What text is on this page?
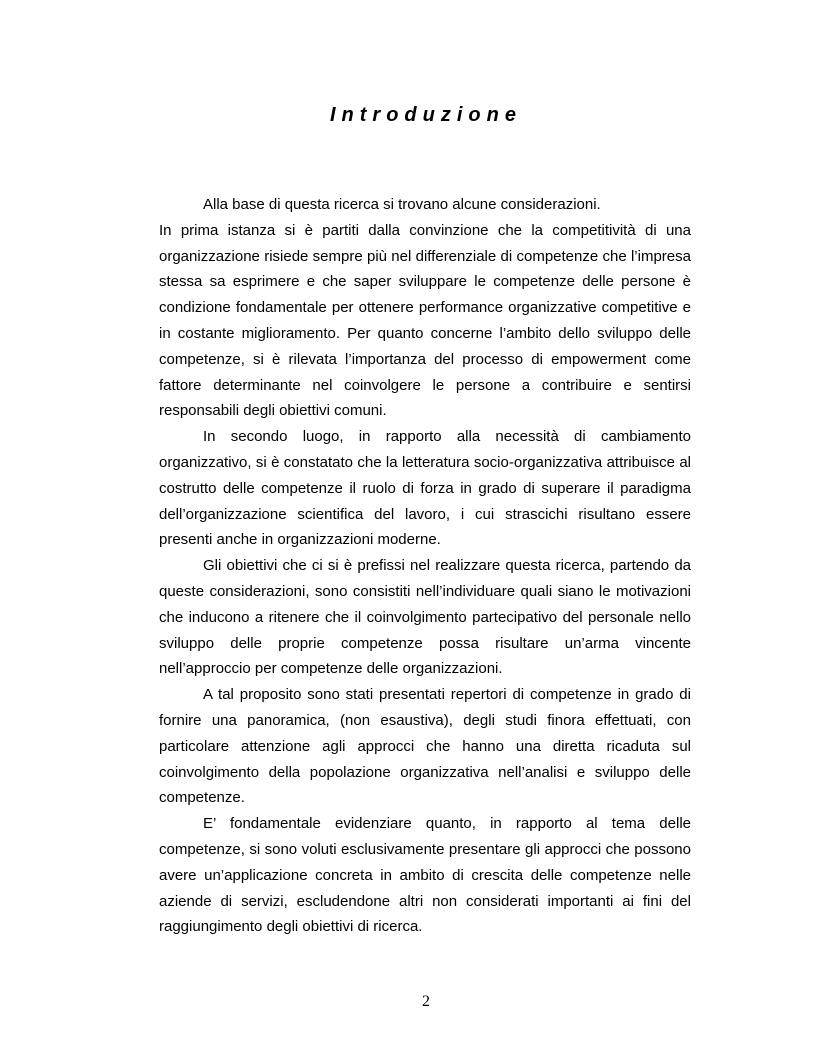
Introduzione

Alla base di questa ricerca si trovano alcune considerazioni.

In prima istanza si è partiti dalla convinzione che la competitività di una organizzazione risiede sempre più nel differenziale di competenze che l’impresa stessa sa esprimere e che saper sviluppare le competenze delle persone è condizione fondamentale per ottenere performance organizzative competitive e in costante miglioramento. Per quanto concerne l’ambito dello sviluppo delle competenze, si è rilevata l’importanza del processo di empowerment come fattore determinante nel coinvolgere le persone a contribuire e sentirsi responsabili degli obiettivi comuni.

In secondo luogo, in rapporto alla necessità di cambiamento organizzativo, si è constatato che la letteratura socio-organizzativa attribuisce al costrutto delle competenze il ruolo di forza in grado di superare il paradigma dell’organizzazione scientifica del lavoro, i cui strascichi risultano essere presenti anche in organizzazioni moderne.

Gli obiettivi che ci si è prefissi nel realizzare questa ricerca, partendo da queste considerazioni, sono consistiti nell’individuare quali siano le motivazioni che inducono a ritenere che il coinvolgimento partecipativo del personale nello sviluppo delle proprie competenze possa risultare un’arma vincente nell’approccio per competenze delle organizzazioni.

A tal proposito sono stati presentati repertori di competenze in grado di fornire una panoramica, (non esaustiva), degli studi finora effettuati, con particolare attenzione agli approcci che hanno una diretta ricaduta sul coinvolgimento della popolazione organizzativa nell’analisi e sviluppo delle competenze.

E’ fondamentale evidenziare quanto, in rapporto al tema delle competenze, si sono voluti esclusivamente presentare gli approcci che possono avere un’applicazione concreta in ambito di crescita delle competenze nelle aziende di servizi, escludendone altri non considerati importanti ai fini del raggiungimento degli obiettivi di ricerca.

2
